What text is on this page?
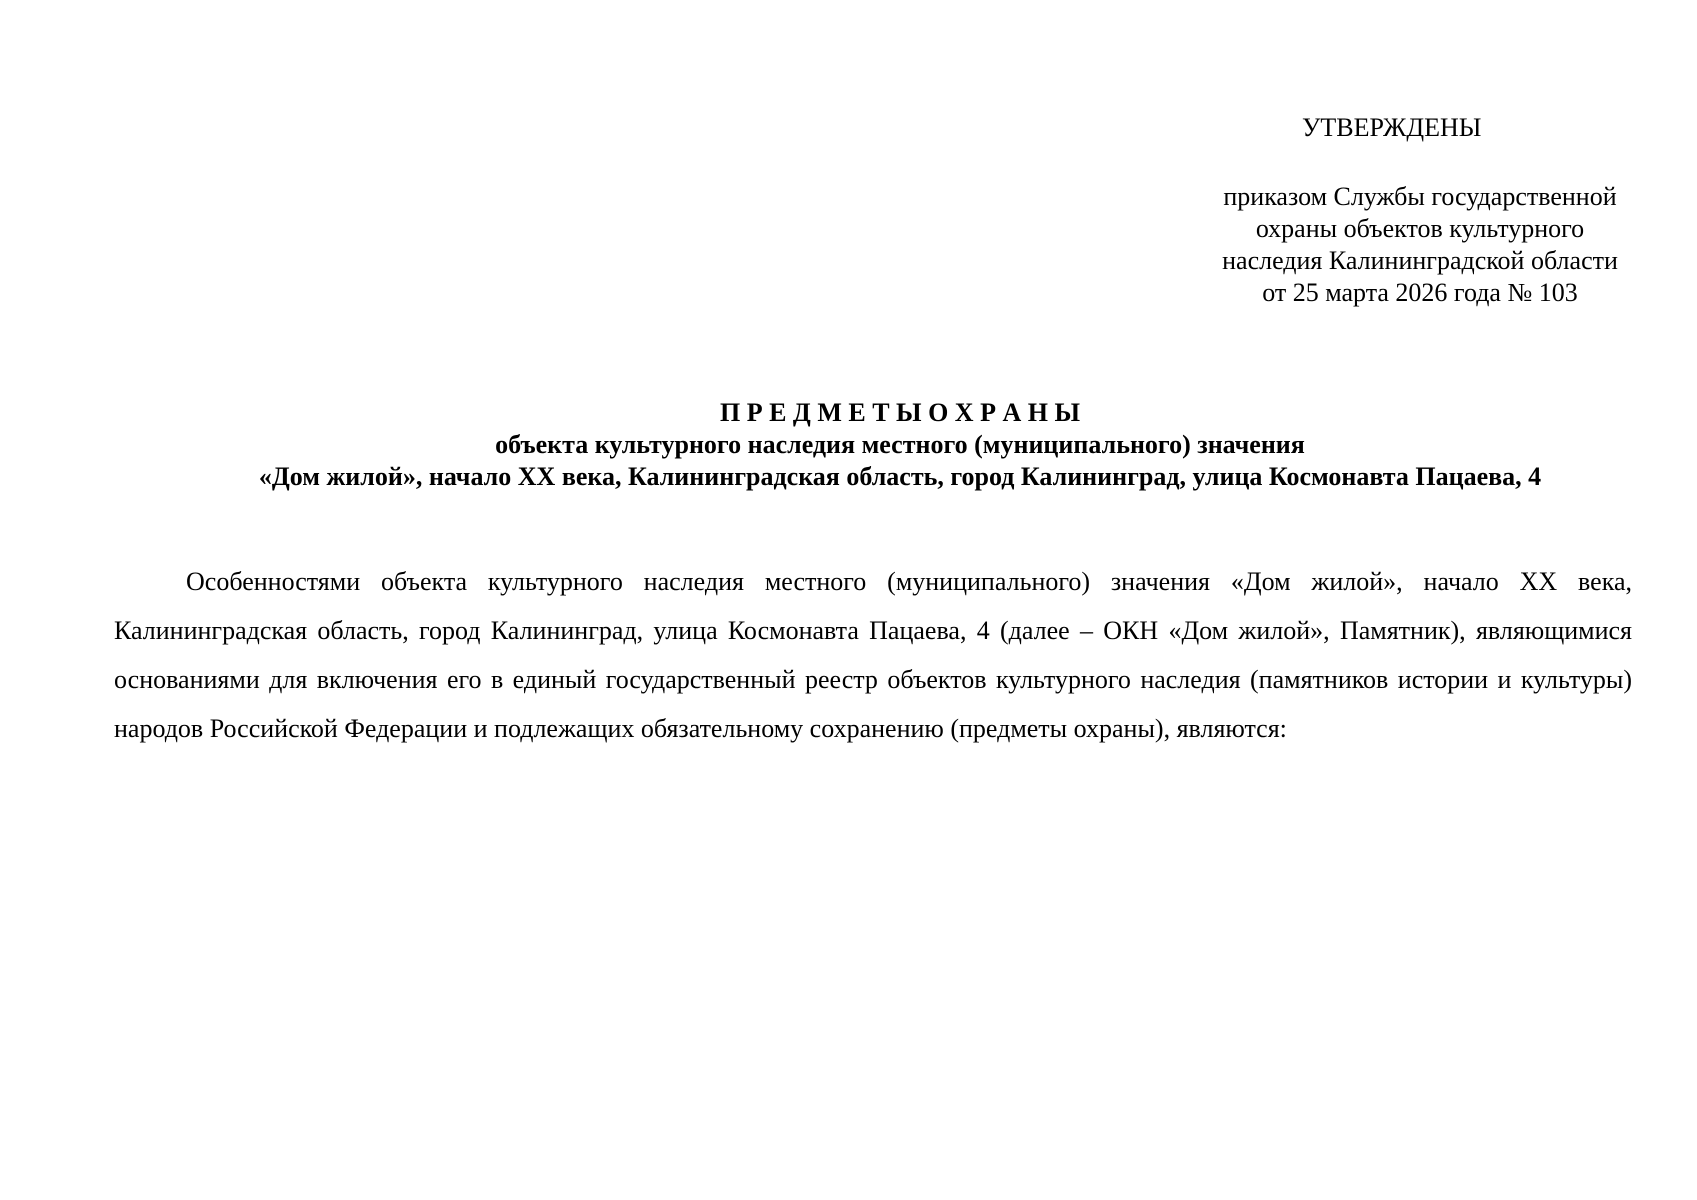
УТВЕРЖДЕНЫ
приказом Службы государственной
охраны объектов культурного
наследия Калининградской области
от 25 марта 2026 года № 103
П Р Е Д М Е Т Ы О Х Р А Н Ы
объекта культурного наследия местного (муниципального) значения
«Дом жилой», начало XX века, Калининградская область, город Калининград, улица Космонавта Пацаева, 4
Особенностями объекта культурного наследия местного (муниципального) значения «Дом жилой», начало XX века, Калининградская область, город Калининград, улица Космонавта Пацаева, 4 (далее – ОКН «Дом жилой», Памятник), являющимися основаниями для включения его в единый государственный реестр объектов культурного наследия (памятников истории и культуры) народов Российской Федерации и подлежащих обязательному сохранению (предметы охраны), являются:
